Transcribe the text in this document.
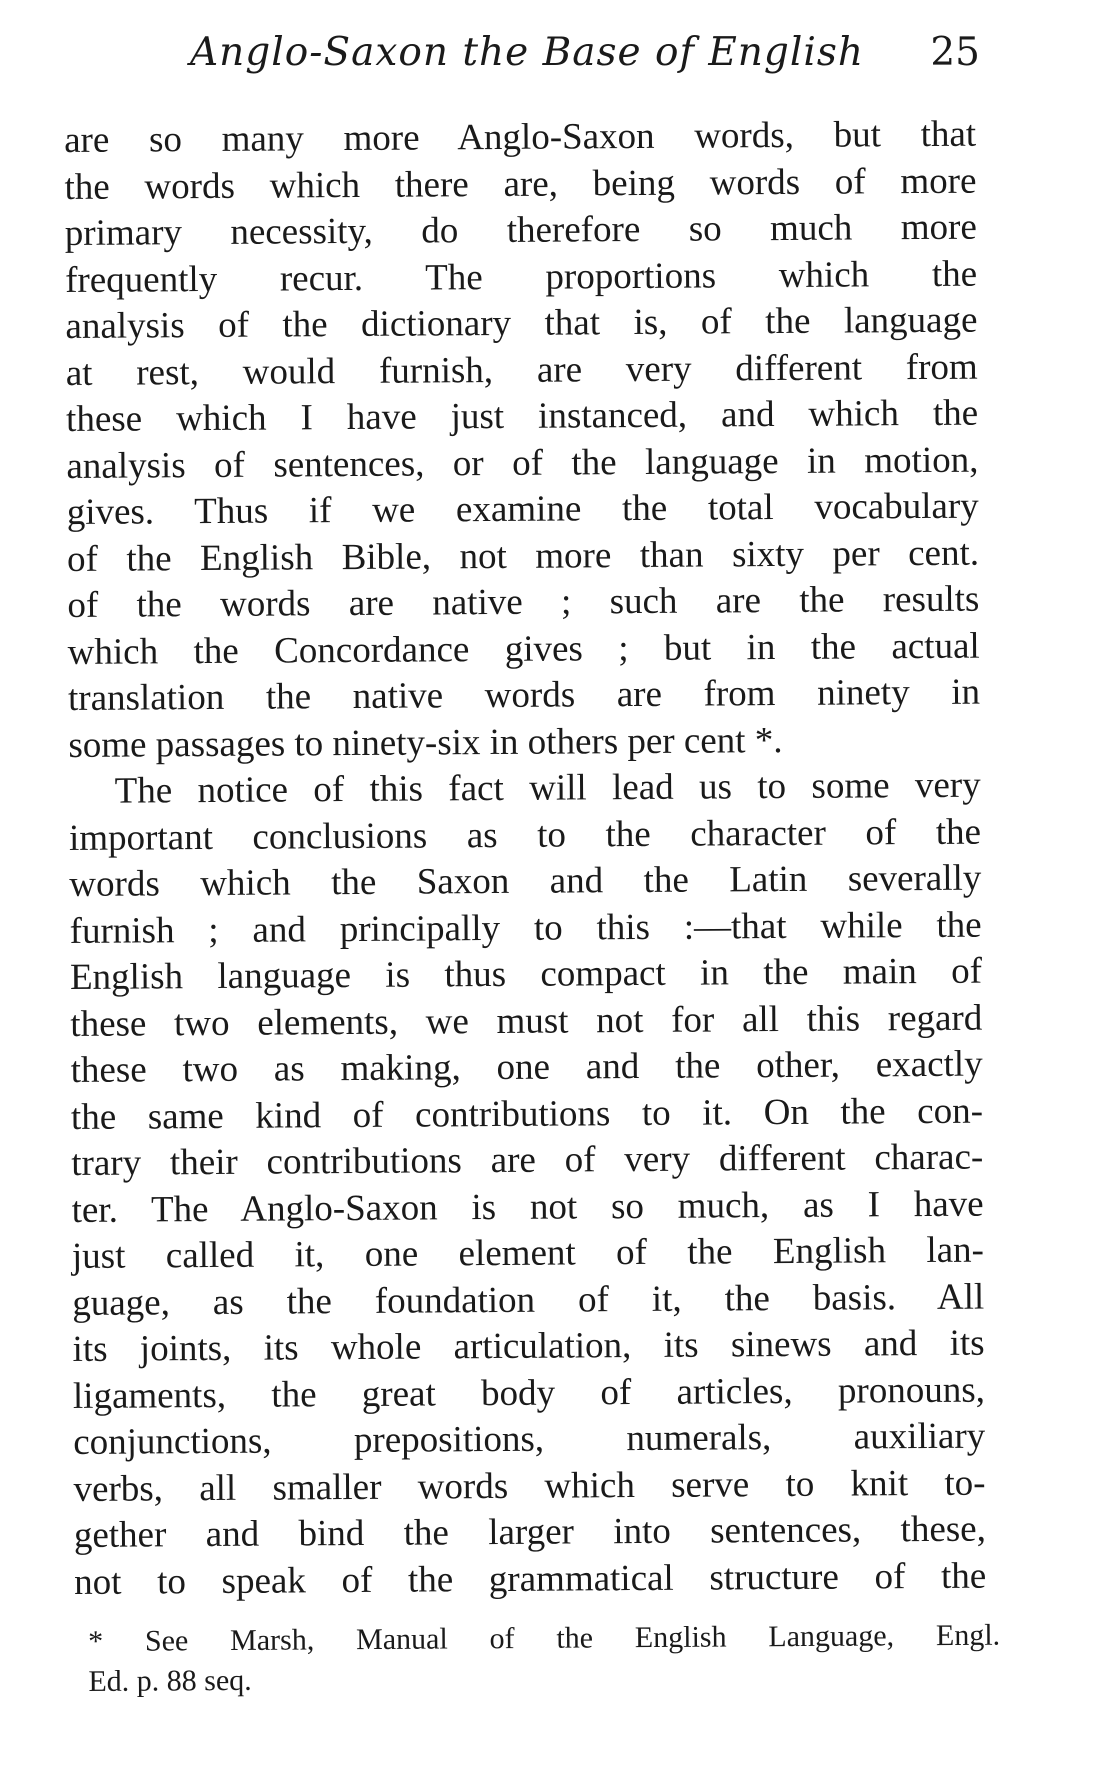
Anglo-Saxon the Base of English 25
are so many more Anglo-Saxon words, but that
the words which there are, being words of more
primary necessity, do therefore so much more
frequently recur. The proportions which the
analysis of the dictionary that is, of the language
at rest, would furnish, are very different from
these which I have just instanced, and which the
analysis of sentences, or of the language in motion,
gives. Thus if we examine the total vocabulary
of the English Bible, not more than sixty per cent.
of the words are native ; such are the results
which the Concordance gives ; but in the actual
translation the native words are from ninety in
some passages to ninety-six in others per cent *.
The notice of this fact will lead us to some very
important conclusions as to the character of the
words which the Saxon and the Latin severally
furnish ; and principally to this :—that while the
English language is thus compact in the main of
these two elements, we must not for all this regard
these two as making, one and the other, exactly
the same kind of contributions to it. On the con-
trary their contributions are of very different charac-
ter. The Anglo-Saxon is not so much, as I have
just called it, one element of the English lan-
guage, as the foundation of it, the basis. All
its joints, its whole articulation, its sinews and its
ligaments, the great body of articles, pronouns,
conjunctions, prepositions, numerals, auxiliary
verbs, all smaller words which serve to knit to-
gether and bind the larger into sentences, these,
not to speak of the grammatical structure of the
* See Marsh, Manual of the English Language, Engl.
Ed. p. 88 seq.
